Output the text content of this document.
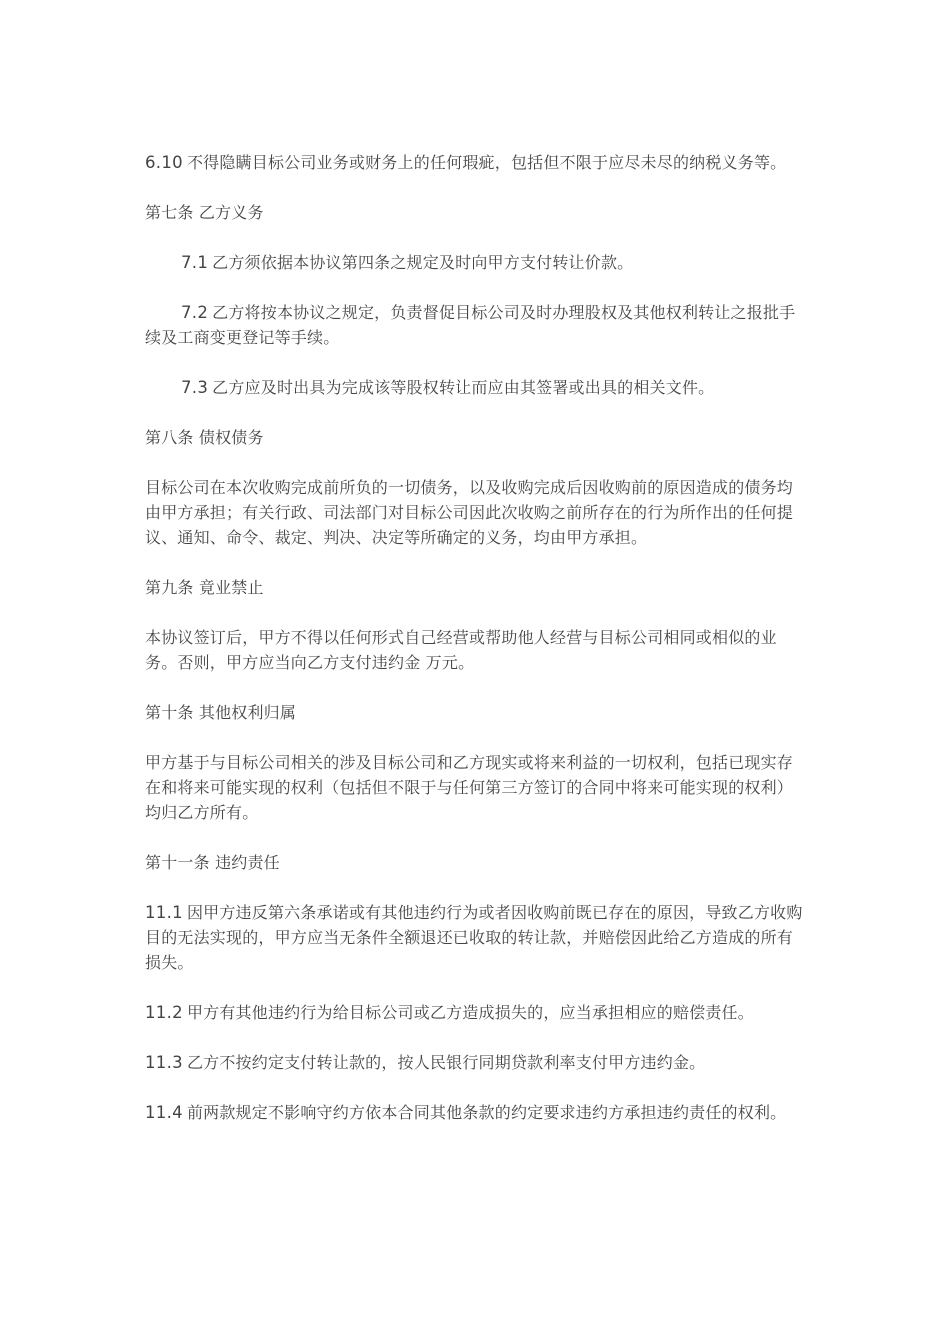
6.10 不得隐瞒目标公司业务或财务上的任何瑕疵，包括但不限于应尽未尽的纳税义务等。

第七条 乙方义务

7.1 乙方须依据本协议第四条之规定及时向甲方支付转让价款。

7.2 乙方将按本协议之规定，负责督促目标公司及时办理股权及其他权利转让之报批手续及工商变更登记等手续。

7.3 乙方应及时出具为完成该等股权转让而应由其签署或出具的相关文件。

第八条 债权债务

目标公司在本次收购完成前所负的一切债务，以及收购完成后因收购前的原因造成的债务均由甲方承担；有关行政、司法部门对目标公司因此次收购之前所存在的行为所作出的任何提议、通知、命令、裁定、判决、决定等所确定的义务，均由甲方承担。

第九条 竟业禁止

本协议签订后，甲方不得以任何形式自己经营或帮助他人经营与目标公司相同或相似的业务。否则，甲方应当向乙方支付违约金 万元。

第十条 其他权利归属

甲方基于与目标公司相关的涉及目标公司和乙方现实或将来利益的一切权利，包括已现实存在和将来可能实现的权利（包括但不限于与任何第三方签订的合同中将来可能实现的权利）均归乙方所有。

第十一条 违约责任

11.1 因甲方违反第六条承诺或有其他违约行为或者因收购前既已存在的原因，导致乙方收购目的无法实现的，甲方应当无条件全额退还已收取的转让款，并赔偿因此给乙方造成的所有损失。

11.2 甲方有其他违约行为给目标公司或乙方造成损失的，应当承担相应的赔偿责任。

11.3 乙方不按约定支付转让款的，按人民银行同期贷款利率支付甲方违约金。

11.4 前两款规定不影响守约方依本合同其他条款的约定要求违约方承担违约责任的权利。
